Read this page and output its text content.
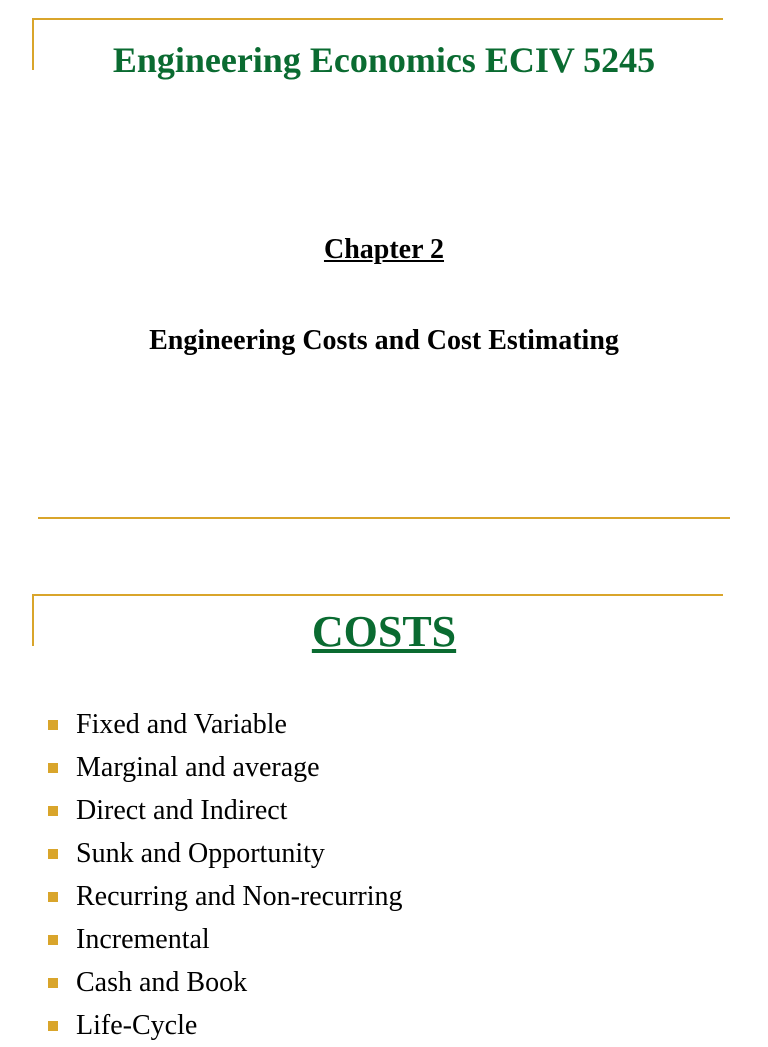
Engineering Economics ECIV 5245
Chapter 2
Engineering Costs and Cost Estimating
COSTS
Fixed and Variable
Marginal and average
Direct and Indirect
Sunk and Opportunity
Recurring and Non-recurring
Incremental
Cash and Book
Life-Cycle
